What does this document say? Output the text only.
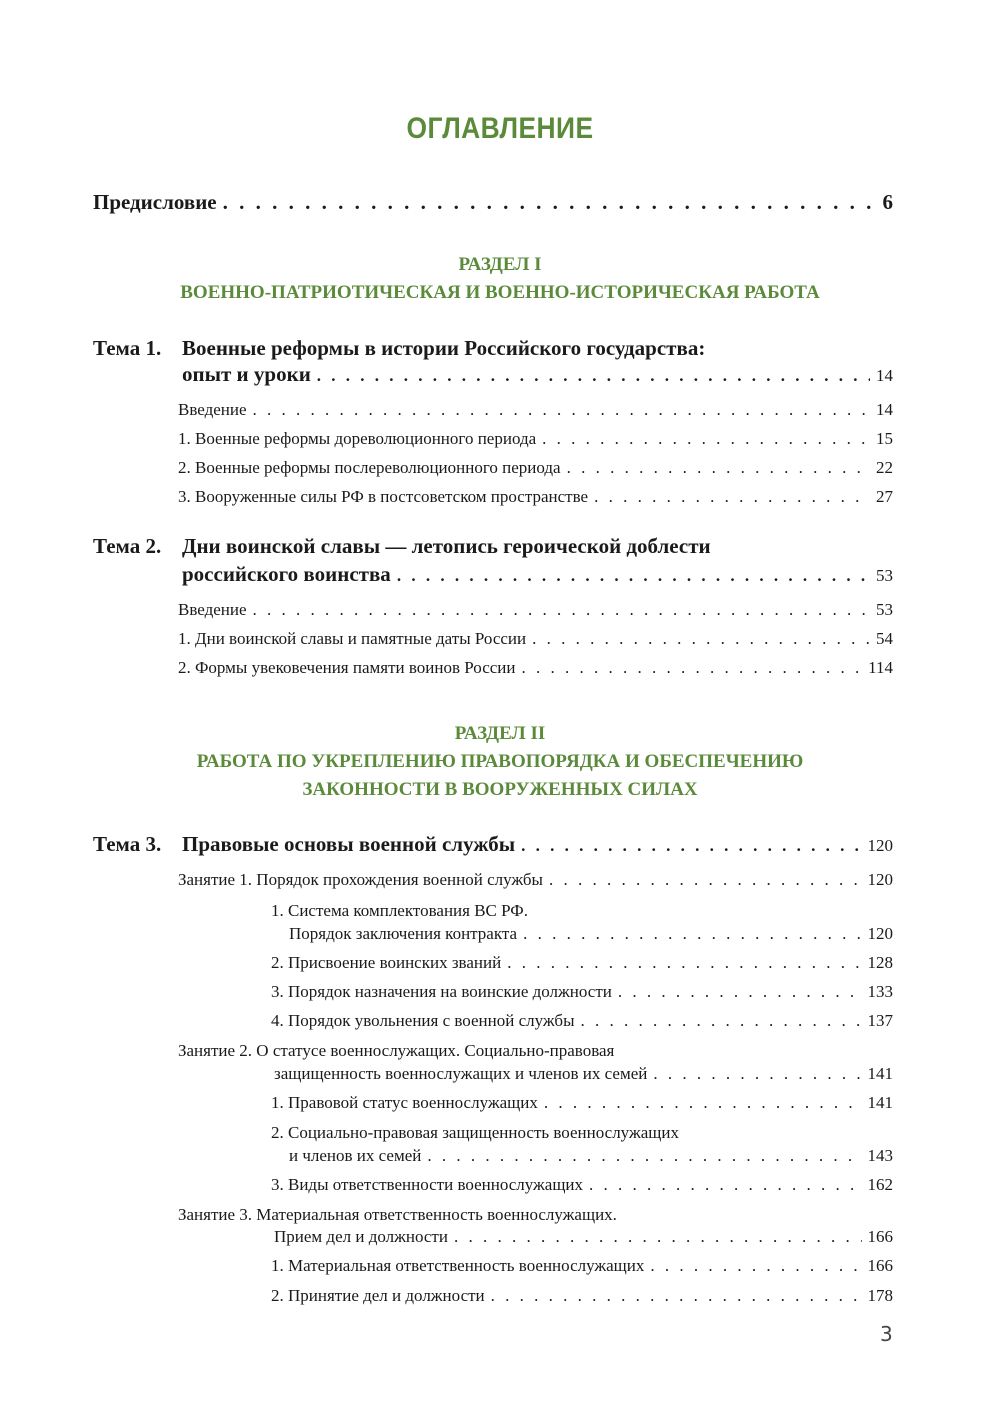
ОГЛАВЛЕНИЕ
Предисловие . . .	6
РАЗДЕЛ I
ВОЕННО-ПАТРИОТИЧЕСКАЯ И ВОЕННО-ИСТОРИЧЕСКАЯ РАБОТА
Тема 1. Военные реформы в истории Российского государства:
опыт и уроки . . .	14
Введение . . .	14
1. Военные реформы дореволюционного периода . . .	15
2. Военные реформы послереволюционного периода . . .	22
3. Вооруженные силы РФ в постсоветском пространстве . . .	27
Тема 2. Дни воинской славы — летопись героической доблести
российского воинства . . .	53
Введение . . .	53
1. Дни воинской славы и памятные даты России . . .	54
2. Формы увековечения памяти воинов России . . .	114
РАЗДЕЛ II
РАБОТА ПО УКРЕПЛЕНИЮ ПРАВОПОРЯДКА И ОБЕСПЕЧЕНИЮ
ЗАКОННОСТИ В ВООРУЖЕННЫХ СИЛАХ
Тема 3. Правовые основы военной службы . . .	120
Занятие 1. Порядок прохождения военной службы . . .	120
1. Система комплектования ВС РФ.
Порядок заключения контракта . . .	120
2. Присвоение воинских званий . . .	128
3. Порядок назначения на воинские должности . . .	133
4. Порядок увольнения с военной службы . . .	137
Занятие 2. О статусе военнослужащих. Социально-правовая
защищенность военнослужащих и членов их семей . . .	141
1. Правовой статус военнослужащих . . .	141
2. Социально-правовая защищенность военнослужащих
и членов их семей . . .	143
3. Виды ответственности военнослужащих . . .	162
Занятие 3. Материальная ответственность военнослужащих.
Прием дел и должности . . .	166
1. Материальная ответственность военнослужащих . . .	166
2. Принятие дел и должности . . .	178
3
